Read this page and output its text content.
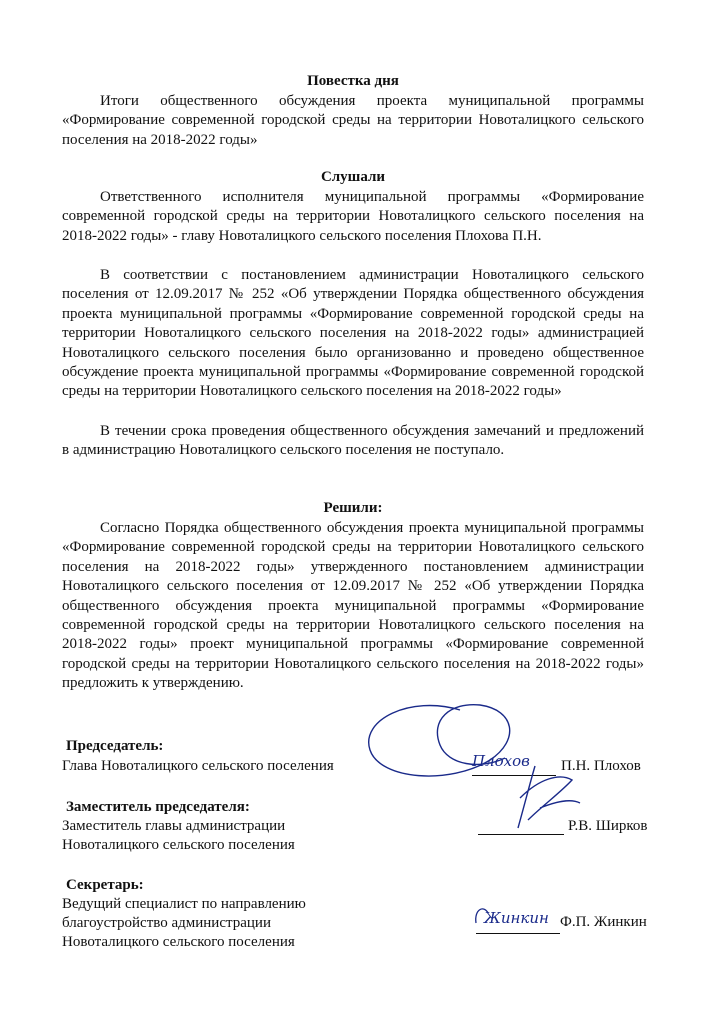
Повестка дня
Итоги общественного обсуждения проекта муниципальной программы «Формирование современной городской среды на территории Новоталицкого сельского поселения на 2018-2022 годы»
Слушали
Ответственного исполнителя муниципальной программы «Формирование современной городской среды на территории Новоталицкого сельского поселения на 2018-2022 годы» - главу Новоталицкого сельского поселения Плохова П.Н.
В соответствии с постановлением администрации Новоталицкого сельского поселения от 12.09.2017 № 252 «Об утверждении Порядка общественного обсуждения проекта муниципальной программы «Формирование современной городской среды на территории Новоталицкого сельского поселения на 2018-2022 годы» администрацией Новоталицкого сельского поселения было организованно и проведено общественное обсуждение проекта муниципальной программы «Формирование современной городской среды на территории Новоталицкого сельского поселения на 2018-2022 годы»
В течении срока проведения общественного обсуждения замечаний и предложений в администрацию Новоталицкого сельского поселения не поступало.
Решили:
Согласно Порядка общественного обсуждения проекта муниципальной программы «Формирование современной городской среды на территории Новоталицкого сельского поселения на 2018-2022 годы» утвержденного постановлением администрации Новоталицкого сельского поселения от 12.09.2017 № 252 «Об утверждении Порядка общественного обсуждения проекта муниципальной программы «Формирование современной городской среды на территории Новоталицкого сельского поселения на 2018-2022 годы» проект муниципальной программы «Формирование современной городской среды на территории Новоталицкого сельского поселения на 2018-2022 годы» предложить к утверждению.
Председатель:
Глава Новоталицкого сельского поселения	П.Н. Плохов
Плохов
Заместитель председателя:
Заместитель главы администрации
Новоталицкого сельского поселения
Р.В. Ширков
Секретарь:
Ведущий специалист по направлению
благоустройство администрации
Новоталицкого сельского поселения
Ф.П. Жинкин
Жинкин
